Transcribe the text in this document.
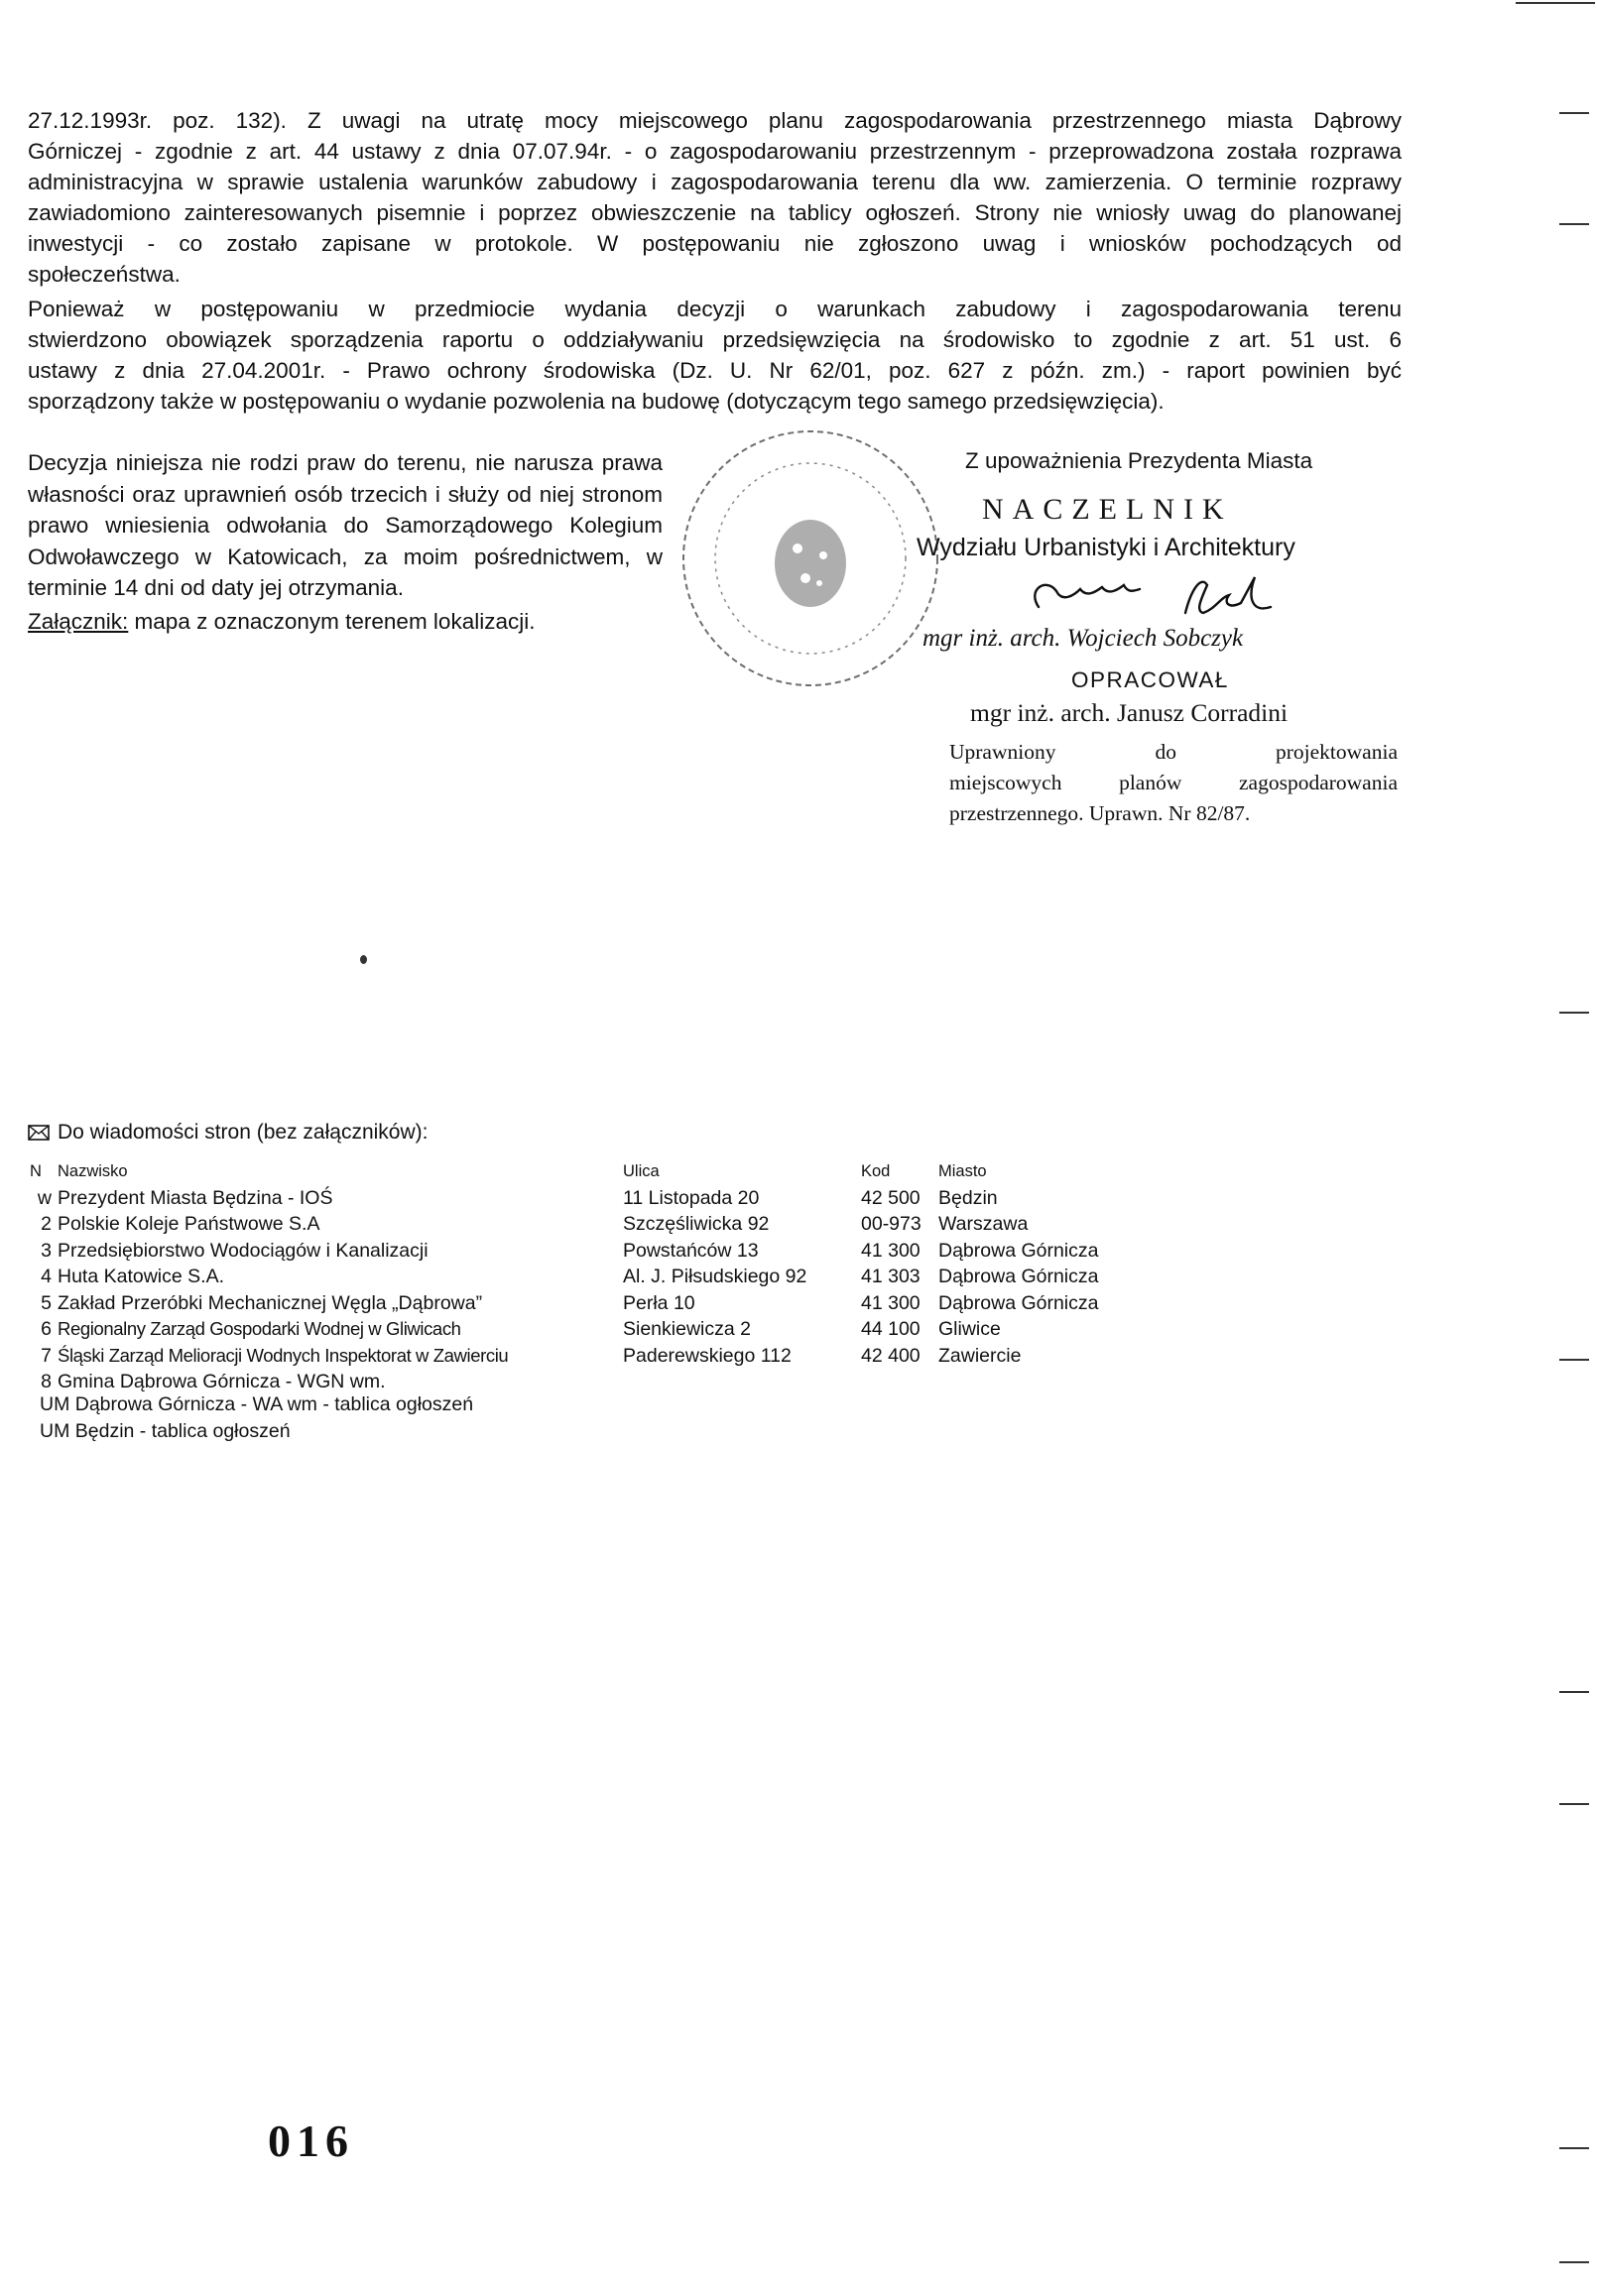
27.12.1993r. poz. 132). Z uwagi na utratę mocy miejscowego planu zagospodarowania przestrzennego miasta Dąbrowy
Górniczej - zgodnie z art. 44 ustawy z dnia 07.07.94r. - o zagospodarowaniu przestrzennym - przeprowadzona została rozprawa
administracyjna w sprawie ustalenia warunków zabudowy i zagospodarowania terenu dla ww. zamierzenia. O terminie rozprawy
zawiadomiono zainteresowanych pisemnie i poprzez obwieszczenie na tablicy ogłoszeń. Strony nie wniosły uwag do planowanej
inwestycji - co zostało zapisane w protokole. W postępowaniu nie zgłoszono uwag i wniosków pochodzących od
społeczeństwa.
Ponieważ w postępowaniu w przedmiocie wydania decyzji o warunkach zabudowy i zagospodarowania terenu
stwierdzono obowiązek sporządzenia raportu o oddziaływaniu przedsięwzięcia na środowisko to zgodnie z art. 51 ust. 6
ustawy z dnia 27.04.2001r. - Prawo ochrony środowiska (Dz. U. Nr 62/01, poz. 627 z późn. zm.) - raport powinien być
sporządzony także w postępowaniu o wydanie pozwolenia na budowę (dotyczącym tego samego przedsięwzięcia).
Decyzja niniejsza nie rodzi praw do terenu, nie narusza prawa
własności oraz uprawnień osób trzecich i służy od niej stronom
prawo wniesienia odwołania do Samorządowego Kolegium
Odwoławczego w Katowicach, za moim pośrednictwem, w
terminie 14 dni od daty jej otrzymania.
Załącznik: mapa z oznaczonym terenem lokalizacji.
Z upoważnienia Prezydenta Miasta
NACZELNIK
Wydziału Urbanistyki i Architektury
mgr inż. arch. Wojciech Sobczyk
OPRACOWAŁ
mgr inż. arch. Janusz Corradini
Uprawniony do projektowania
miejscowych planów zagospodarowania
przestrzennego. Uprawn. Nr 82/87.
Do wiadomości stron (bez załączników):
N Nazwisko	Ulica	Kod	Miasto
w Prezydent Miasta Będzina - IOŚ	11 Listopada 20	42 500 Będzin
2 Polskie Koleje Państwowe S.A	Szczęśliwicka 92	00-973 Warszawa
3 Przedsiębiorstwo Wodociągów i Kanalizacji	Powstańców 13	41 300 Dąbrowa Górnicza
4 Huta Katowice S.A.	Al. J. Piłsudskiego 92	41 303 Dąbrowa Górnicza
5 Zakład Przeróbki Mechanicznej Węgla „Dąbrowa”	Perła 10	41 300 Dąbrowa Górnicza
6 Regionalny Zarząd Gospodarki Wodnej w Gliwicach	Sienkiewicza 2	44 100 Gliwice
7 Śląski Zarząd Melioracji Wodnych Inspektorat w Zawierciu	Paderewskiego 112	42 400 Zawiercie
8 Gmina Dąbrowa Górnicza - WGN wm.
UM Dąbrowa Górnicza - WA wm - tablica ogłoszeń
UM Będzin - tablica ogłoszeń
016
